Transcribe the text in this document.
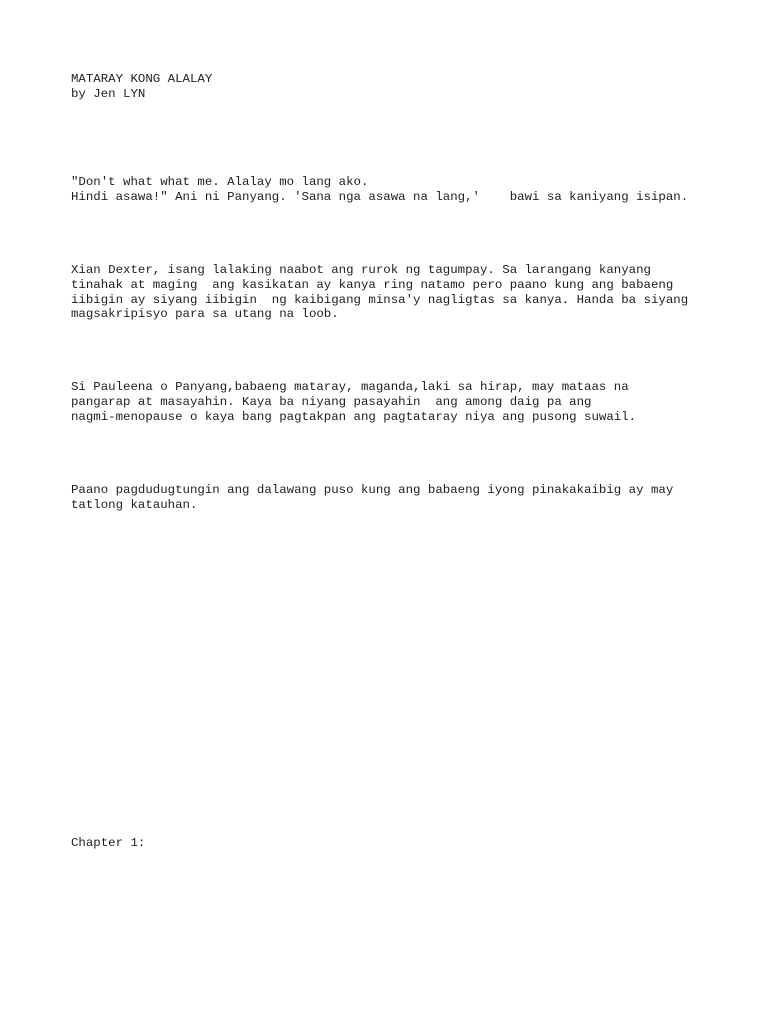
MATARAY KONG ALALAY

by Jen LYN

"Don't what what me. Alalay mo lang ako.

Hindi asawa!" Ani ni Panyang. 'Sana nga asawa na lang,'    bawi sa kaniyang isipan.

Xian Dexter, isang lalaking naabot ang rurok ng tagumpay. Sa larangang kanyang

tinahak at maging  ang kasikatan ay kanya ring natamo pero paano kung ang babaeng

iibigin ay siyang iibigin  ng kaibigang minsa'y nagligtas sa kanya. Handa ba siyang

magsakripisyo para sa utang na loob.

Si Pauleena o Panyang,babaeng mataray, maganda,laki sa hirap, may mataas na

pangarap at masayahin. Kaya ba niyang pasayahin  ang among daig pa ang

nagmi-menopause o kaya bang pagtakpan ang pagtataray niya ang pusong suwail.

Paano pagdudugtungin ang dalawang puso kung ang babaeng iyong pinakakaibig ay may

tatlong katauhan.

Chapter 1:
